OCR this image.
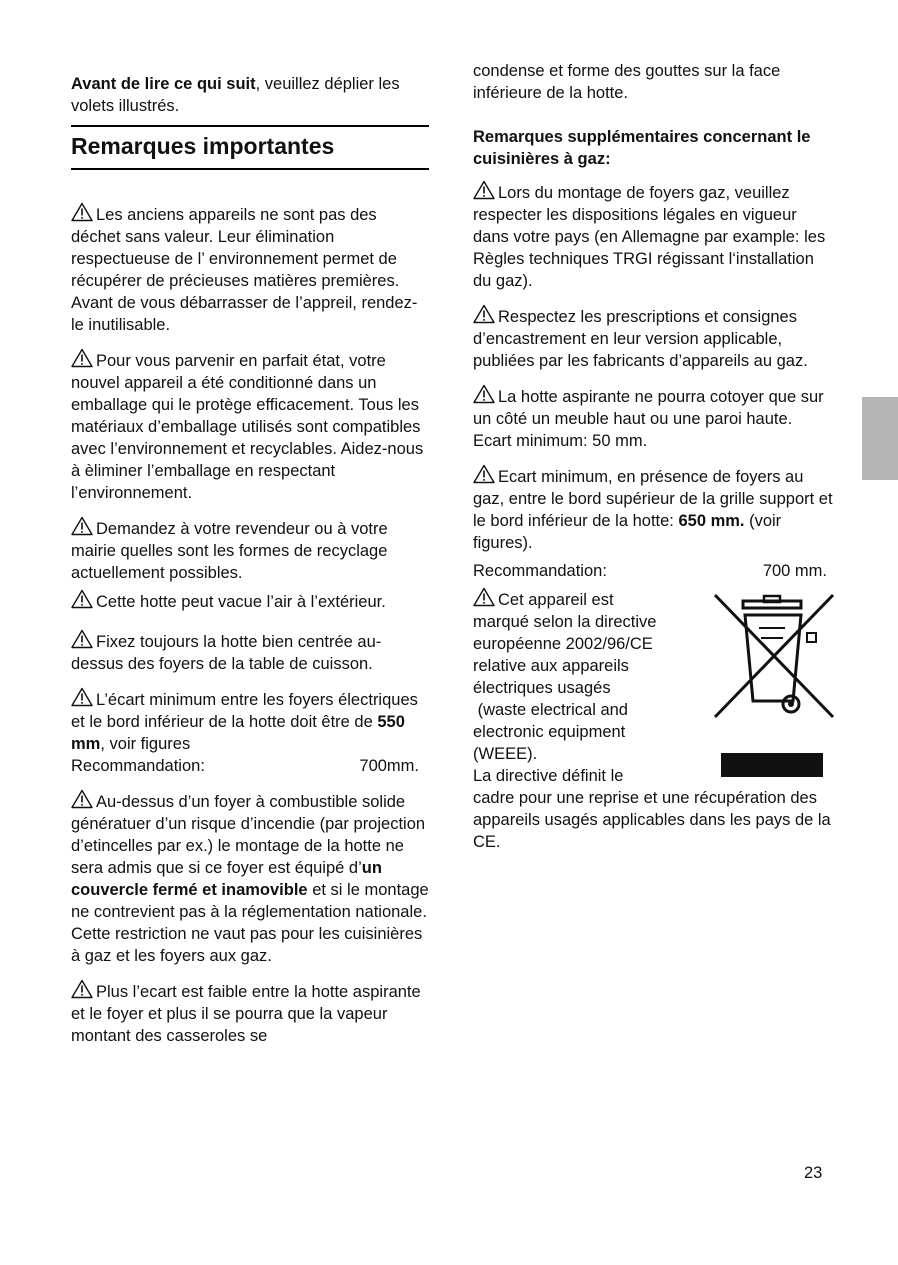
Avant de lire ce qui suit, veuillez déplier les volets illustrés.

Remarques importantes

Les anciens appareils ne sont pas des déchet sans valeur. Leur élimination respectueuse de l’ environnement permet de récupérer de précieuses matières premières. Avant de vous débarrasser de l’appreil, rendez-le inutilisable.

Pour vous parvenir en parfait état, votre nouvel appareil a été conditionné dans un emballage qui le protège efficacement. Tous les matériaux d’emballage utilisés sont compatibles avec l’environnement et recyclables. Aidez-nous à èliminer l’emballage en respectant l’environnement.

Demandez à votre revendeur ou à votre mairie quelles sont les formes de recyclage actuellement possibles.

Cette hotte peut vacue l’air à l’extérieur.

Fixez toujours la hotte bien centrée au-dessus des foyers de la table de cuisson.

L’écart minimum entre les foyers électriques et le bord inférieur de la hotte doit être de 550 mm, voir figures
Recommandation:	700mm.

Au-dessus d’un foyer à combustible solide génératuer d’un risque d’incendie (par projection d’etincelles par ex.) le montage de la hotte ne sera admis que si ce foyer est équipé d’un couvercle fermé et inamovible et si le montage ne contrevient pas à la réglementation nationale. Cette restriction ne vaut pas pour les cuisinières à gaz et les foyers aux gaz.

Plus l’ecart est faible entre la hotte aspirante et le foyer et plus il se pourra que la vapeur montant des casseroles se

condense et forme des gouttes sur la face inférieure de la hotte.

Remarques supplémentaires concernant le cuisinières à gaz:

Lors du montage de foyers gaz, veuillez respecter les dispositions légales en vigueur dans votre pays (en Allemagne par example: les Règles techniques TRGI régissant l‘installation du gaz).

Respectez les prescriptions et consignes d’encastrement en leur version applicable, publiées par les fabricants d’appareils au gaz.

La hotte aspirante ne pourra cotoyer que sur un côté un meuble haut ou une paroi haute. Ecart minimum: 50 mm.

Ecart minimum, en présence de foyers au gaz, entre le bord supérieur de la grille support et le bord inférieur de la hotte: 650 mm. (voir figures).
Recommandation:	700 mm.
Cet appareil est
marqué selon la directive
européenne 2002/96/CE
relative aux appareils
électriques usagés
(waste electrical and
electronic equipment
(WEEE).
La directive définit le
cadre pour une reprise et une récupération des appareils usagés applicables dans les pays de la CE.
23
